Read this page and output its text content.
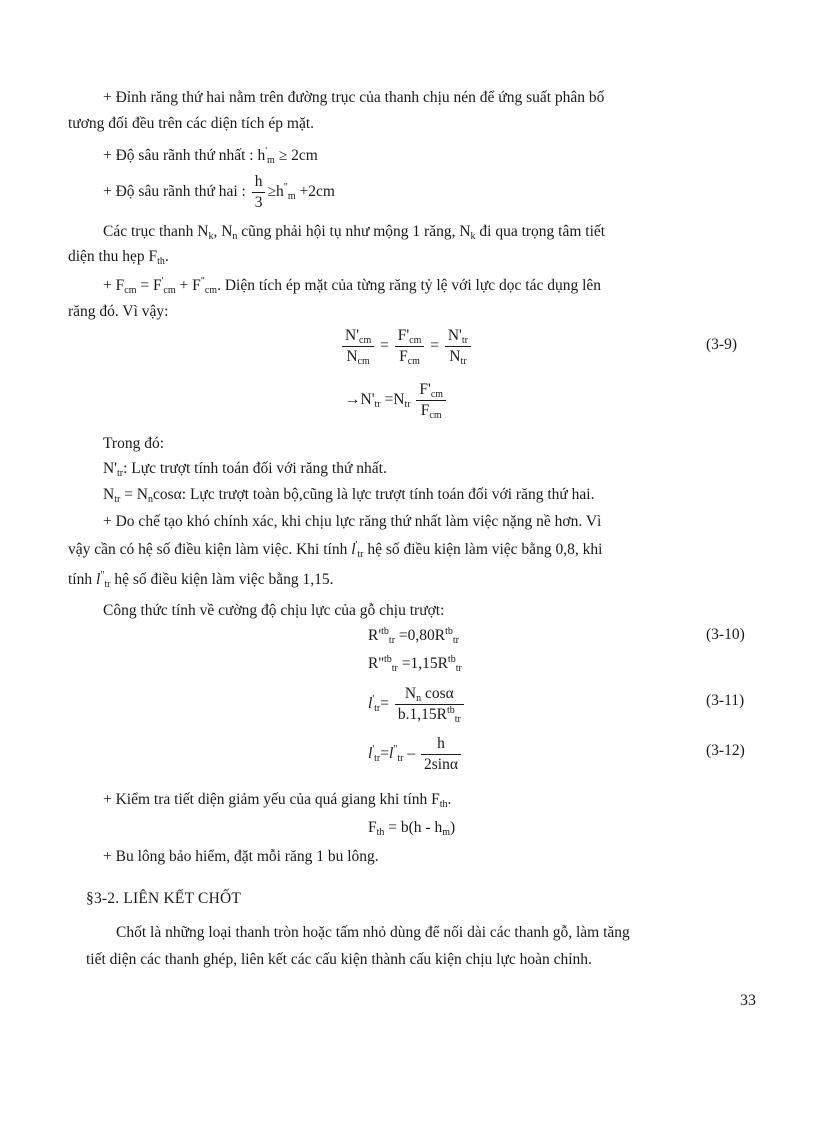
+ Đỉnh răng thứ hai nằm trên đường trục của thanh chịu nén để ứng suất phân bố
tương đối đều trên các diện tích ép mặt.
+ Độ sâu rãnh thứ nhất : $h'_m \ge 2cm$
+ Độ sâu rãnh thứ hai : $\frac{h}{3} \ge h^"_m +2cm$
Các trục thanh $N_k$, $N_n$ cũng phải hội tụ như mộng 1 răng, $N_k$ đi qua trọng tâm tiết
diện thu hẹp $F_{th}$.
+ $F_{cm} = F'_{cm} + F^"_{cm}$. Diện tích ép mặt của từng răng tỷ lệ với lực dọc tác dụng lên
răng đó. Vì vậy:
$\frac{N'_{cm}}{N_{cm}} = \frac{F'_{cm}}{F_{cm}} = \frac{N'_{tr}}{N_{tr}}$	(3-9)
$\to N'_{tr} =N_{tr} \frac{F'_{cm}}{F_{cm}}$
Trong đó:
$N'_{tr}$: Lực trượt tính toán đối với răng thứ nhất.
$N_{tr} = N_n\cos\alpha$: Lực trượt toàn bộ,cũng là lực trượt tính toán đối với răng thứ hai.
+ Do chế tạo khó chính xác, khi chịu lực răng thứ nhất làm việc nặng nề hơn. Vì
vậy cần có hệ số điều kiện làm việc. Khi tính $l'_{tr}$ hệ số điều kiện làm việc bằng 0,8, khi
tính $l^"_{tr}$ hệ số điều kiện làm việc bằng 1,15.
Công thức tính về cường độ chịu lực của gỗ chịu trượt:
$R'^{tb}_{tr} =0,80R^{tb}_{tr}$	(3-10)
$R''^{tb}_{tr} =1,15R^{tb}_{tr}$
$l'_{tr}= \frac{N_n \cos\alpha}{b.1,15R^{tb}_{tr}}$	(3-11)
$l'_{tr}=l^"_{tr} - \frac{h}{2\sin\alpha}$	(3-12)
+ Kiểm tra tiết diện giảm yếu của quá giang khi tính $F_{th}$.
$F_{th} = b(h - h_m)$
+ Bu lông bảo hiểm, đặt mỗi răng 1 bu lông.
§3-2. LIÊN KẾT CHỐT
Chốt là những loại thanh tròn hoặc tấm nhỏ dùng để nối dài các thanh gỗ, làm tăng
tiết diện các thanh ghép, liên kết các cấu kiện thành cấu kiện chịu lực hoàn chỉnh.
33
